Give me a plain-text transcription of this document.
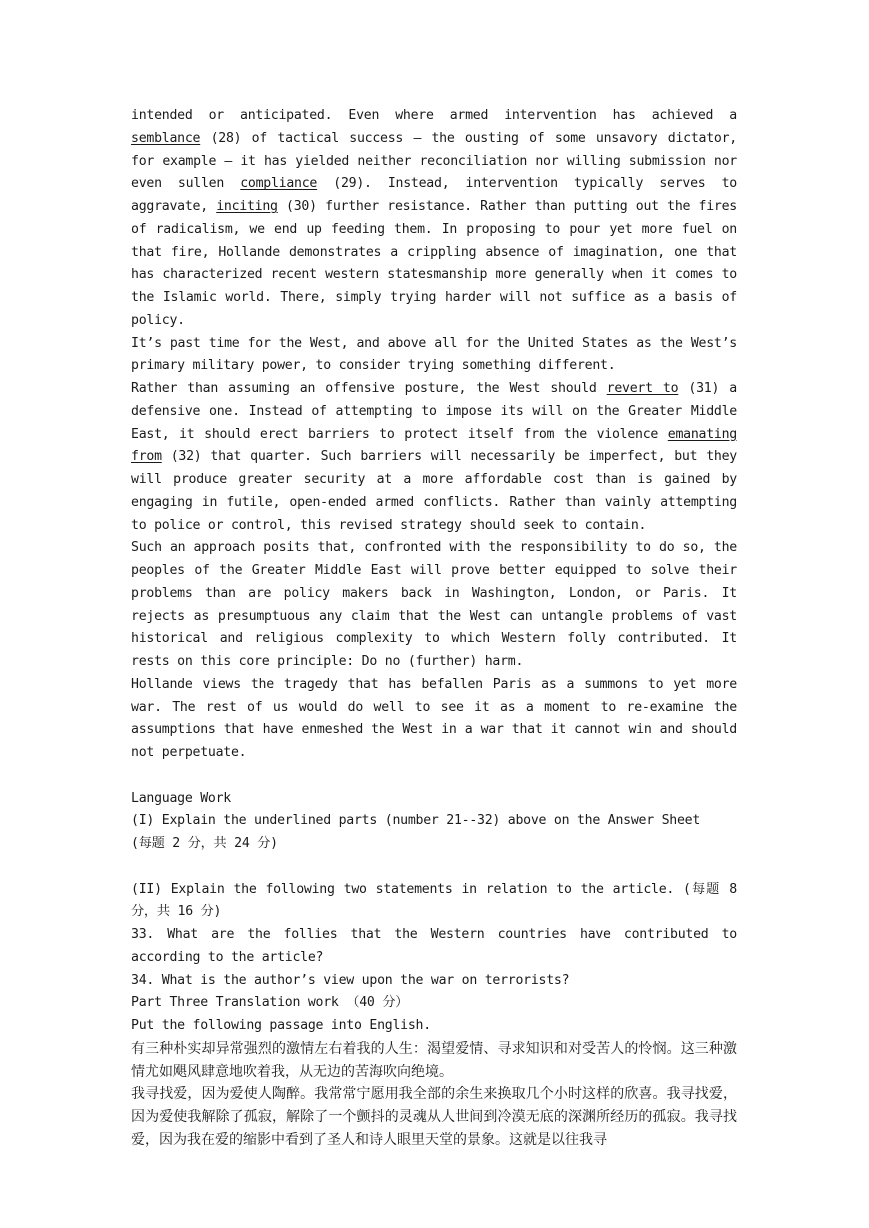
intended or anticipated. Even where armed intervention has achieved a semblance (28) of tactical success – the ousting of some unsavory dictator, for example – it has yielded neither reconciliation nor willing submission nor even sullen compliance (29). Instead, intervention typically serves to aggravate, inciting (30) further resistance. Rather than putting out the fires of radicalism, we end up feeding them. In proposing to pour yet more fuel on that fire, Hollande demonstrates a crippling absence of imagination, one that has characterized recent western statesmanship more generally when it comes to the Islamic world. There, simply trying harder will not suffice as a basis of policy.

It’s past time for the West, and above all for the United States as the West’s primary military power, to consider trying something different.

Rather than assuming an offensive posture, the West should revert to (31) a defensive one. Instead of attempting to impose its will on the Greater Middle East, it should erect barriers to protect itself from the violence emanating from (32) that quarter. Such barriers will necessarily be imperfect, but they will produce greater security at a more affordable cost than is gained by engaging in futile, open-ended armed conflicts. Rather than vainly attempting to police or control, this revised strategy should seek to contain.

Such an approach posits that, confronted with the responsibility to do so, the peoples of the Greater Middle East will prove better equipped to solve their problems than are policy makers back in Washington, London, or Paris. It rejects as presumptuous any claim that the West can untangle problems of vast historical and religious complexity to which Western folly contributed. It rests on this core principle: Do no (further) harm.

Hollande views the tragedy that has befallen Paris as a summons to yet more war. The rest of us would do well to see it as a moment to re-examine the assumptions that have enmeshed the West in a war that it cannot win and should not perpetuate.

Language Work

(I) Explain the underlined parts (number 21--32) above on the Answer Sheet

(每题 2 分，共 24 分)

(II) Explain the following two statements in relation to the article. (每题 8 分，共 16 分)

33. What are the follies that the Western countries have contributed to according to the article?

34. What is the author’s view upon the war on terrorists?

Part Three Translation work （40 分）

Put the following passage into English.

有三种朴实却异常强烈的激情左右着我的人生：渴望爱情、寻求知识和对受苦人的怜悯。这三种激情尤如飓风肆意地吹着我，从无边的苦海吹向绝境。

我寻找爱，因为爱使人陶醉。我常常宁愿用我全部的余生来换取几个小时这样的欣喜。我寻找爱，因为爱使我解除了孤寂，解除了一个颤抖的灵魂从人世间到冷漠无底的深渊所经历的孤寂。我寻找爱，因为我在爱的缩影中看到了圣人和诗人眼里天堂的景象。这就是以往我寻
